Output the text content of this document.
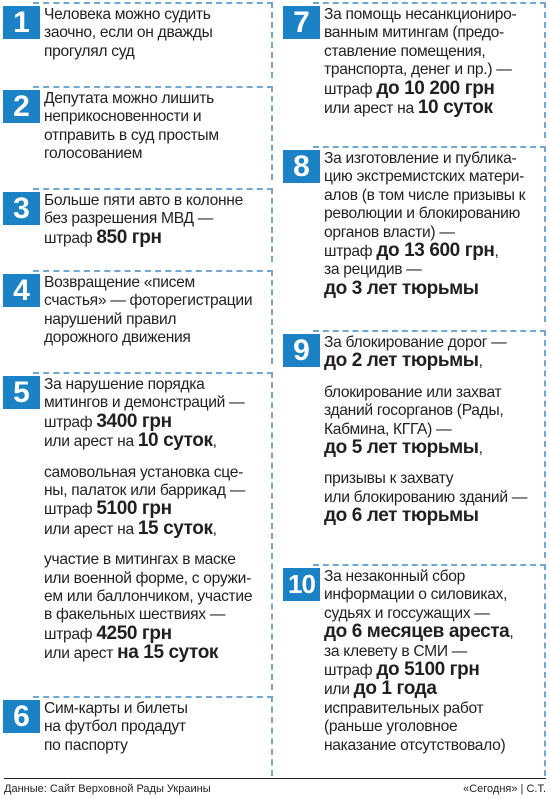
1 Человека можно судить
заочно, если он дважды
прогулял суд
2 Депутата можно лишить
неприкосновенности и
отправить в суд простым
голосованием
3 Больше пяти авто в колонне
без разрешения МВД —
штраф 850 грн
4 Возвращение «писем
счастья» — фоторегистрации
нарушений правил
дорожного движения
5 За нарушение порядка
митингов и демонстраций —
штраф 3400 грн
или арест на 10 суток,
самовольная установка сце-
ны, палаток или баррикад —
штраф 5100 грн
или арест на 15 суток,
участие в митингах в маске
или военной форме, с оружи-
ем или баллончиком, участие
в факельных шествиях —
штраф 4250 грн
или арест на 15 суток
6 Сим-карты и билеты
на футбол продадут
по паспорту
7 За помощь несанкциониро-
ванным митингам (предо-
ставление помещения,
транспорта, денег и пр.) —
штраф до 10 200 грн
или арест на 10 суток
8 За изготовление и публика-
цию экстремистских матери-
алов (в том числе призывы к
революции и блокированию
органов власти) —
штраф до 13 600 грн,
за рецидив —
до 3 лет тюрьмы
9 За блокирование дорог —
до 2 лет тюрьмы,
блокирование или захват
зданий госорганов (Рады,
Кабмина, КГГА) —
до 5 лет тюрьмы,
призывы к захвату
или блокированию зданий —
до 6 лет тюрьмы
10 За незаконный сбор
информации о силовиках,
судьях и госсужащих —
до 6 месяцев ареста,
за клевету в СМИ —
штраф до 5100 грн
или до 1 года
исправительных работ
(раньше уголовное
наказание отсутствовало)
Данные: Сайт Верховной Рады Украины	«Сегодня» | С.Т.
